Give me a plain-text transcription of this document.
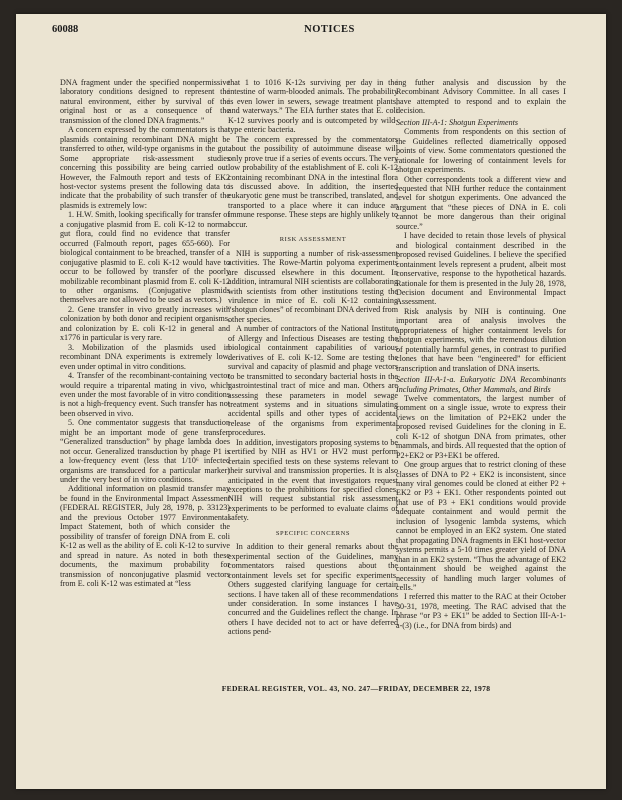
60088	NOTICES
FEDERAL REGISTER, VOL. 43, NO. 247—FRIDAY, DECEMBER 22, 1978

DNA fragment under the specified nonpermissive laboratory conditions designed to represent the natural environment, either by survival of the original host or as a consequence of the transmission of the cloned DNA fragments.”

A concern expressed by the commentators is that plasmids containing recombinant DNA might be transferred to other, wild-type organisms in the gut. Some appropriate risk-assessment studies concerning this possibility are being carried out. However, the Falmouth report and tests of EK2 host-vector systems present the following data to indicate that the probability of such transfer of the plasmids is extremely low:

1. H.W. Smith, looking specifically for transfer of a conjugative plasmid from E. coli K-12 to normal gut flora, could find no evidence that transfer occurred (Falmouth report, pages 655-660). For biological containment to be breached, transfer of a conjugative plasmid to E. coli K-12 would have to occur to be followed by transfer of the poorly mobilizable recombinant plasmid from E. coli K-12 to other organisms. (Conjugative plasmids themselves are not allowed to be used as vectors.)

2. Gene transfer in vivo greatly increases with colonization by both donor and recipient organisms, and colonization by E. coli K-12 in general and x1776 in particular is very rare.

3. Mobilization of the plasmids used in recombinant DNA experiments is extremely low, even under optimal in vitro conditions.

4. Transfer of the recombinant-containing vector would require a triparental mating in vivo, which even under the most favorable of in vitro conditions is not a high-frequency event. Such transfer has not been observed in vivo.

5. One commentator suggests that transduction might be an important mode of gene transfer. “Generalized transduction” by phage lambda does not occur. Generalized transduction by phage P1 is a low-frequency event (less that 1/10⁶ infected organisms are transduced for a particular marker) under the very best of in vitro conditions.

Additional information on plasmid transfer may be found in the Environmental Impact Assessment (FEDERAL REGISTER, July 28, 1978, p. 33123) and the previous October 1977 Environmental Impact Statement, both of which consider the possibility of transfer of foreign DNA from E. coli K-12 as well as the ability of E. coli K-12 to survive and spread in nature. As noted in both these documents, the maximum probability for transmission of nonconjugative plasmid vectors from E. coli K-12 was estimated at “less

that 1 to 1016 K-12s surviving per day in the intestine of warm-blooded animals. The probability is even lower in sewers, sewage treatment plants, and waterways.” The EIA further states that E. coli K-12 survives poorly and is outcompeted by wild-type enteric bacteria.

The concern expressed by the commentators about the possibility of autoimmune disease will only prove true if a series of events occurs. The very low probability of the establishment of E. coli K-12 containing recombinant DNA in the intestinal flora is discussed above. In addition, the inserted eukaryotic gene must be transcribed, translated, and transported to a place where it can induce an immune response. These steps are highly unlikely to occur.

RISK ASSESSMENT

NIH is supporting a number of risk-assessment activities. The Rowe-Martin polyoma experiments are discussed elsewhere in this document. In addition, intramural NIH scientists are collaborating with scientists from other institutions testing the virulence in mice of E. coli K-12 containing “shotgun clones” of recombinant DNA derived from other species.

A number of contractors of the National Institute of Allergy and Infectious Diseases are testing the biological containment capabilities of various derivatives of E. coli K-12. Some are testing the survival and capacity of plasmid and phage vectors to be transmitted to secondary bacterial hosts in the gastrointestinal tract of mice and man. Others are assessing these parameters in model sewage treatment systems and in situations simulating accidental spills and other types of accidental release of the organisms from experimental procedures.

In addition, investigators proposing systems to be certified by NIH as HV1 or HV2 must perform certain specified tests on these systems relevant to their survival and transmission properties. It is also anticipated in the event that investigators request exceptions to the prohibitions for specified clones, NIH will request substantial risk assessment experiments to be performed to evaluate claims of safety.

SPECIFIC CONCERNS

In addition to their general remarks about the experimental section of the Guidelines, many commentators raised questions about the containment levels set for specific experiments. Others suggested clarifying language for certain sections. I have taken all of these recommendations under consideration. In some instances I have concurred and the Guidelines reflect the change. In others I have decided not to act or have deferred actions pend-

ing futher analysis and discussion by the Recombinant Advisory Committee. In all cases I have attempted to respond and to explain the decision.

Section III-A-1: Shotgun Experiments

Comments from respondents on this section of the Guidelines reflected diametrically opposed points of view. Some commentators questioned the rationale for lowering of containment levels for shotgun experiments.

Other correspondents took a different view and requested that NIH further reduce the containment level for shotgun experiments. One advanced the argument that “these pieces of DNA in E. coli cannot be more dangerous than their original source.”

I have decided to retain those levels of physical and biological containment described in the proposed revised Guidelines. I believe the specified containment levels represent a prudent, albeit most conservative, response to the hypothetical hazards. Rationale for them is presented in the July 28, 1978, Decision document and Environmental Impact Assessment.

Risk analysis by NIH is continuing. One important area of analysis involves the appropriateness of higher containment levels for shotgun experiments, with the tremendous dilution of potentially harmful genes, in contrast to purified clones that have been “engineered” for efficient transcription and translation of DNA inserts.

Section III-A-1-a. Eukaryotic DNA Recombinants Including Primates, Other Mammals, and Birds

Twelve commentators, the largest number of comment on a single issue, wrote to express their views on the limitation of P2+EK2 under the proposed revised Guidelines for the cloning in E. coli K-12 of shotgun DNA from primates, other mammals, and birds. All requested that the option of P2+EK2 or P3+EK1 be offered.

One group argues that to restrict cloning of these classes of DNA to P2 + EK2 is inconsistent, since many viral genomes could be cloned at either P2 + EK2 or P3 + EK1. Other respondents pointed out that use of P3 + EK1 conditions would provide adequate containment and would permit the inclusion of lysogenic lambda systems, which cannot be employed in an EK2 system. One stated that propagating DNA fragments in EK1 host-vector systems permits a 5-10 times greater yield of DNA than in an EK2 system. “Thus the advantage of EK2 containment should be weighed against the necessity of handling much larger volumes of cells.”

I referred this matter to the RAC at their October 30-31, 1978, meeting. The RAC advised that the phrase “or P3 + EK1” be added to Section III-A-1-a-(3) (i.e., for DNA from birds) and
